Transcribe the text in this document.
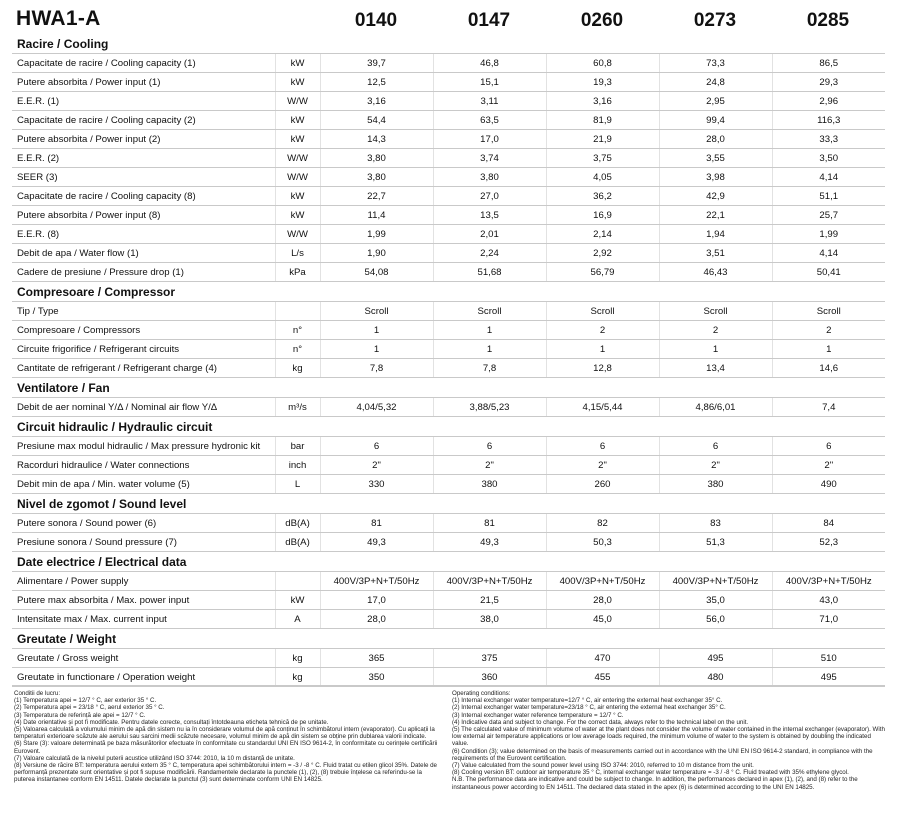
HWA1-A	0140	0147	0260	0273	0285
Racire / Cooling						
Capacitate de racire / Cooling capacity (1)	kW	39,7	46,8	60,8	73,3	86,5
Putere absorbita / Power input (1)	kW	12,5	15,1	19,3	24,8	29,3
E.E.R. (1)	W/W	3,16	3,11	3,16	2,95	2,96
Capacitate de racire / Cooling capacity (2)	kW	54,4	63,5	81,9	99,4	116,3
Putere absorbita / Power input (2)	kW	14,3	17,0	21,9	28,0	33,3
E.E.R. (2)	W/W	3,80	3,74	3,75	3,55	3,50
SEER (3)	W/W	3,80	3,80	4,05	3,98	4,14
Capacitate de racire / Cooling capacity (8)	kW	22,7	27,0	36,2	42,9	51,1
Putere absorbita / Power input (8)	kW	11,4	13,5	16,9	22,1	25,7
E.E.R. (8)	W/W	1,99	2,01	2,14	1,94	1,99
Debit de apa / Water flow (1)	L/s	1,90	2,24	2,92	3,51	4,14
Cadere de presiune / Pressure drop (1)	kPa	54,08	51,68	56,79	46,43	50,41
Compresoare / Compressor						
Tip / Type		Scroll	Scroll	Scroll	Scroll	Scroll
Compresoare / Compressors	n°	1	1	2	2	2
Circuite frigorifice / Refrigerant circuits	n°	1	1	1	1	1
Cantitate de refrigerant / Refrigerant charge (4)	kg	7,8	7,8	12,8	13,4	14,6
Ventilatore / Fan						
Debit de aer nominal Y/Δ / Nominal air flow Y/Δ	m³/s	4,04/5,32	3,88/5,23	4,15/5,44	4,86/6,01	7,4
Circuit hidraulic / Hydraulic circuit						
Presiune max modul hidraulic / Max pressure hydronic kit	bar	6	6	6	6	6
Racorduri hidraulice / Water connections	inch	2"	2"	2"	2"	2"
Debit min de apa / Min. water volume (5)	L	330	380	260	380	490
Nivel de zgomot / Sound level						
Putere sonora / Sound power (6)	dB(A)	81	81	82	83	84
Presiune sonora / Sound pressure (7)	dB(A)	49,3	49,3	50,3	51,3	52,3
Date electrice / Electrical data						
Alimentare / Power supply		400V/3P+N+T/50Hz	400V/3P+N+T/50Hz	400V/3P+N+T/50Hz	400V/3P+N+T/50Hz	400V/3P+N+T/50Hz
Putere max absorbita / Max. power input	kW	17,0	21,5	28,0	35,0	43,0
Intensitate max / Max. current input	A	28,0	38,0	45,0	56,0	71,0
Greutate / Weight						
Greutate / Gross weight	kg	365	375	470	495	510
Greutate in functionare / Operation weight	kg	350	360	455	480	495

Conditii de lucru:

(1) Temperatura apei = 12/7 ° C, aer exterior 35 ° C.

(2) Temperatura apei = 23/18 ° C, aerul exterior 35 ° C.

(3) Temperatura de referință ale apei = 12/7 ° C.

(4) Date orientative și pot fi modificate. Pentru datele corecte, consultați întotdeauna eticheta tehnică de pe unitate.

(5) Valoarea calculată a volumului minim de apă din sistem nu ia în considerare volumul de apă conținut în schimbătorul intern (evaporator). Cu aplicații la temperaturi exterioare scăzute ale aerului sau sarcini medii scăzute necesare, volumul minim de apă din sistem se obține prin dublarea valorii indicate.

(6) Stare (3): valoare determinată pe baza măsurătorilor efectuate în conformitate cu standardul UNI EN ISO 9614-2, în conformitate cu cerințele certificării Eurovent.

(7) Valoare calculată de la nivelul puterii acustice utilizând ISO 3744: 2010, la 10 m distanță de unitate.

(8) Versiune de răcire BT: temperatura aerului extern 35 ° C, temperatura apei schimbătorului intern = -3 / -8 ° C. Fluid tratat cu etilen glicol 35%. Datele de performanță prezentate sunt orientative și pot fi supuse modificării. Randamentele declarate la punctele (1), (2), (8) trebuie înțelese ca referindu-se la puterea instantanee conform EN 14511. Datele declarate la punctul (3) sunt determinate conform UNI EN 14825.

Operating conditions:

(1) Internal exchanger water temperature=12/7 ° C, air entering the external heat exchanger 35° C.

(2) Internal exchanger water temperature=23/18 ° C, air entering the external heat exchanger 35° C.

(3) Internal exchanger water reference temperature = 12/7 ° C.

(4) Indicative data and subject to change. For the correct data, always refer to the technical label on the unit.

(5) The calculated value of minimum volume of water at the plant does not consider the volume of water contained in the internal exchanger (evaporator). With low external air temperature applications or low average loads required, the minimum volume of water to the system is obtained by doubling the indicated value.

(6) Condition (3); value determined on the basis of measurements carried out in accordance with the UNI EN ISO 9614-2 standard, in compliance with the requirements of the Eurovent certification.

(7) Value calculated from the sound power level using ISO 3744: 2010, referred to 10 m distance from the unit.

(8) Cooling version BT: outdoor air temperature 35 ° C, internal exchanger water temperature = -3 / -8 ° C. Fluid treated with 35% ethylene glycol.

N.B. The performance data are indicative and could be subject to change. In addition, the performances declared in apex (1), (2), and (8) refer to the instantaneous power according to EN 14511. The declared data stated in the apex (6) is determined according to the UNI EN 14825.
